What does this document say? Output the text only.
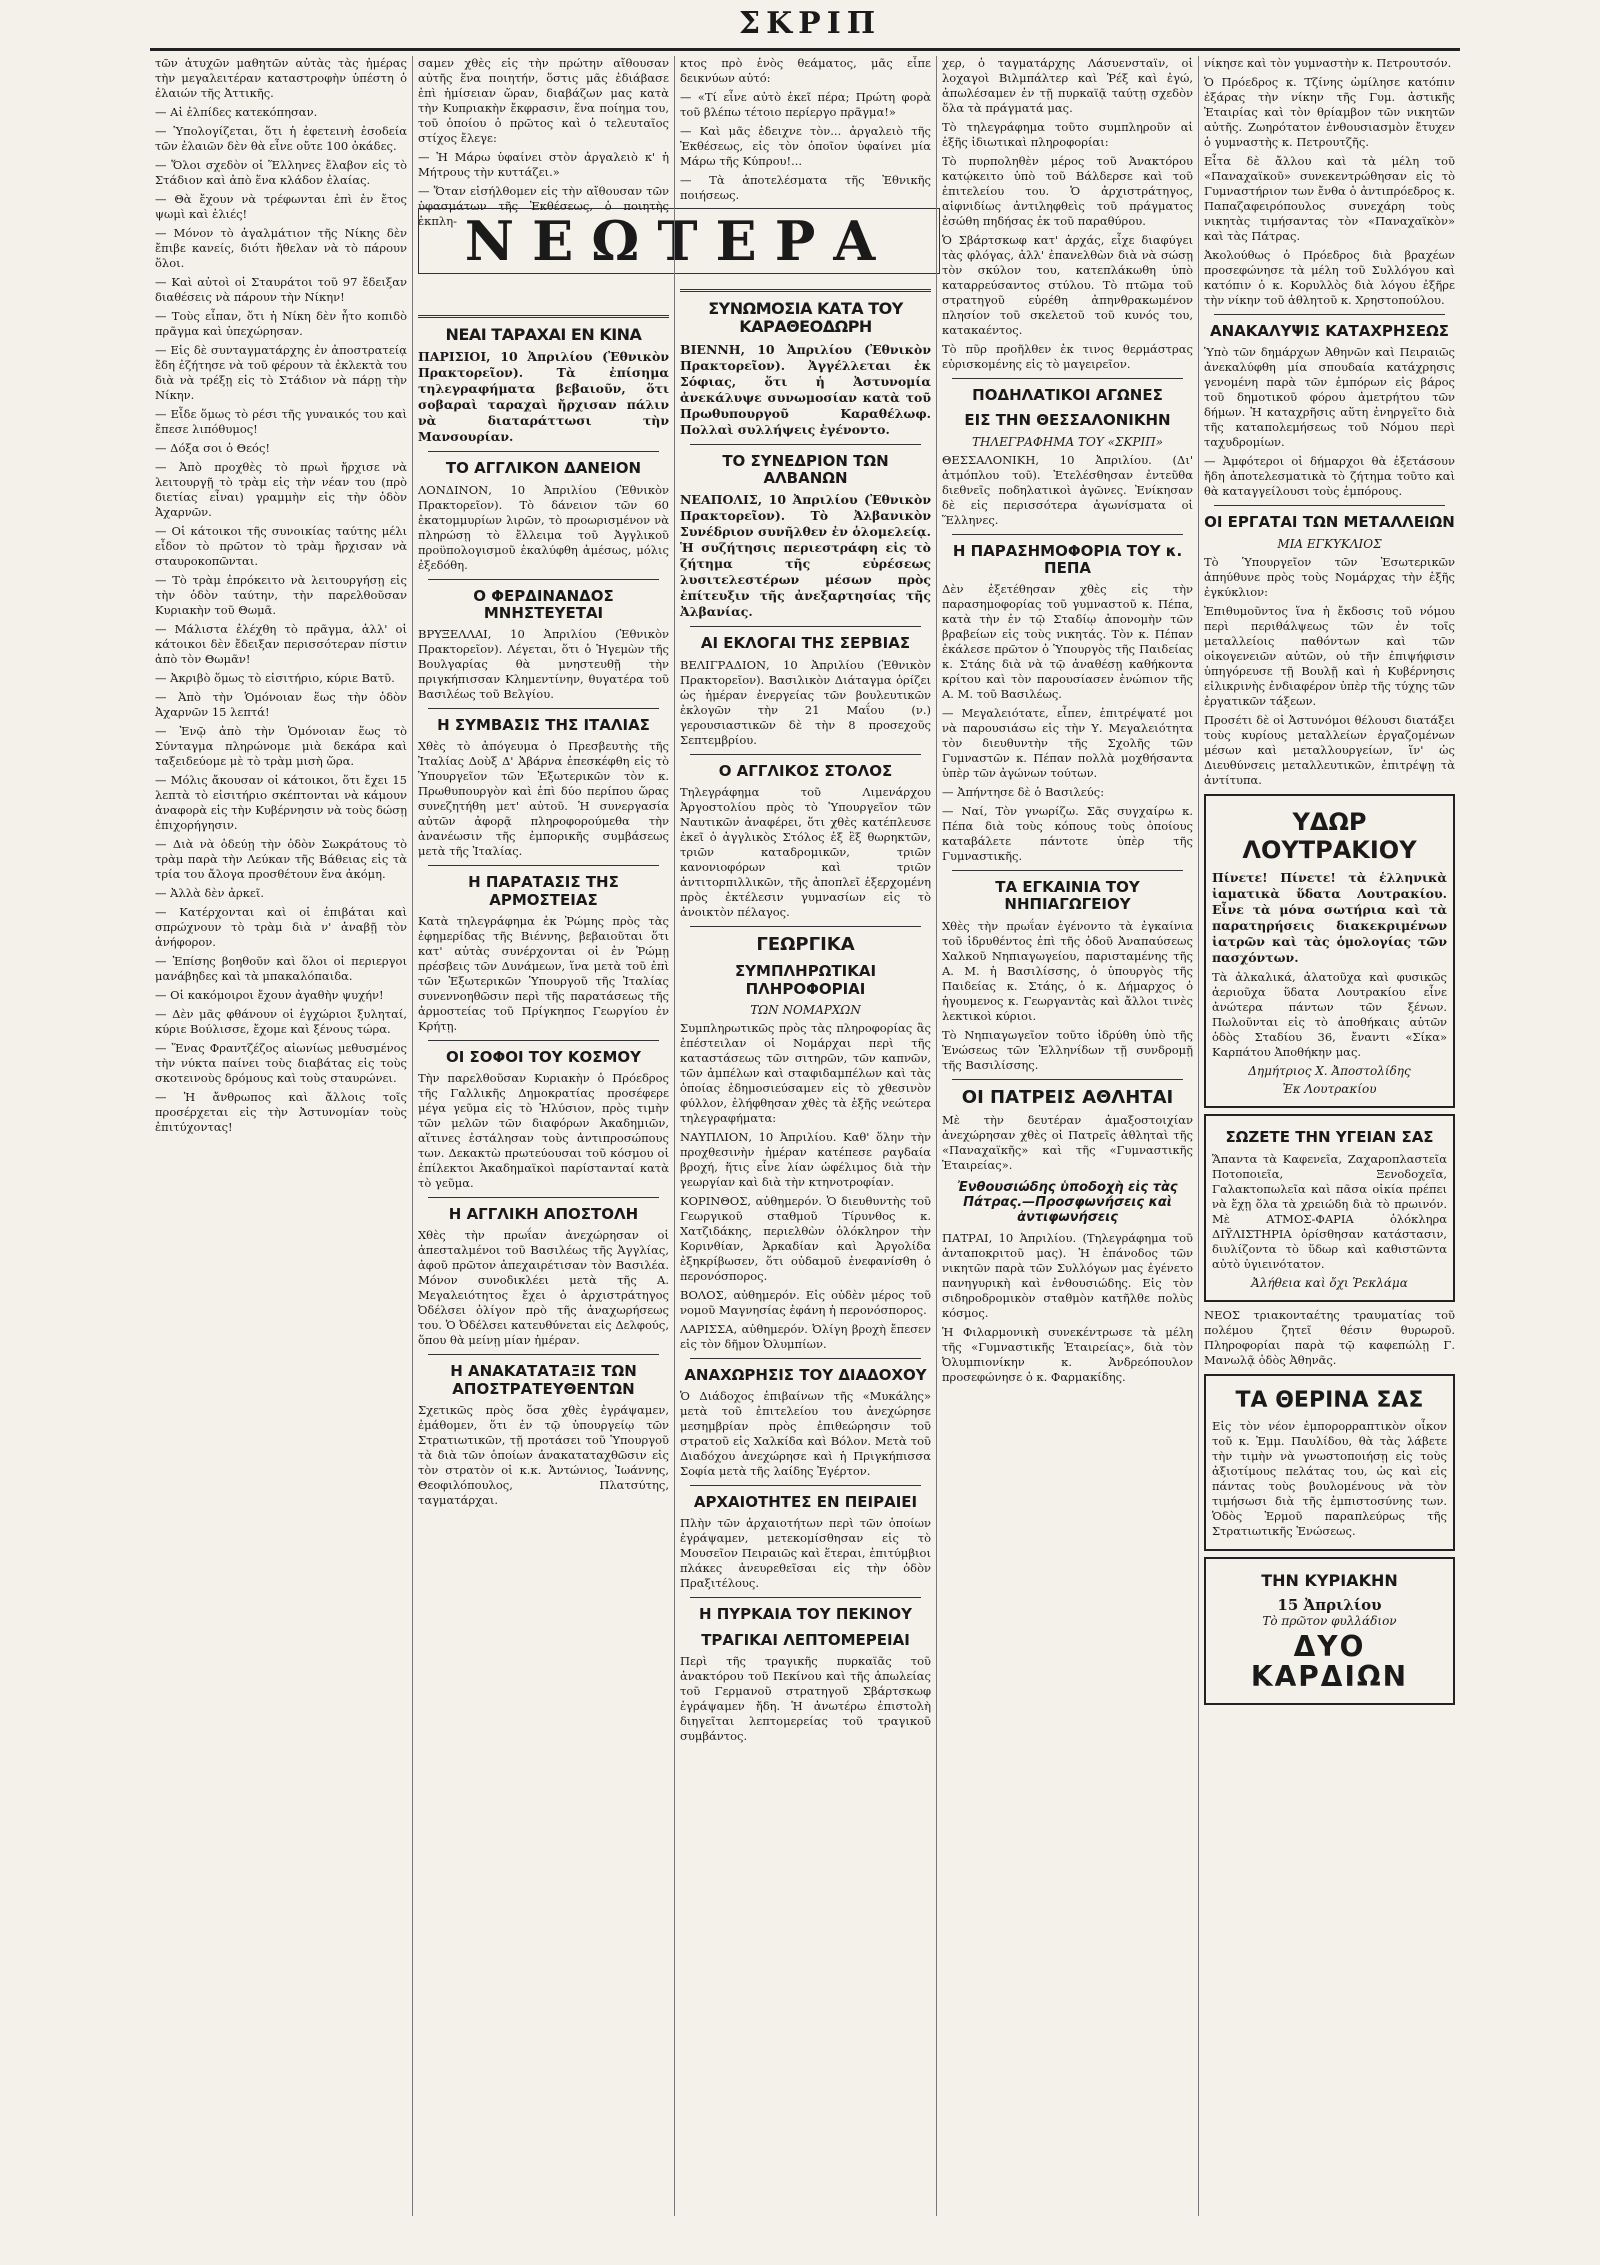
ΣΚΡΙΠ
ΝΕΩΤΕΡΑ

τῶν ἀτυχῶν μαθητῶν αὐτὰς τὰς ἡμέρας τὴν μεγαλειτέραν καταστροφὴν ὑπέστη ὁ ἐλαιών τῆς Ἀττικῆς.

— Αἱ ἐλπίδες κατεκόπησαν.

— Ὑπολογίζεται, ὅτι ἡ ἐφετεινὴ ἐσοδεία τῶν ἐλαιῶν δὲν θὰ εἶνε οὔτε 100 ὀκάδες.

— Ὅλοι σχεδὸν οἱ Ἕλληνες ἔλαβον εἰς τὸ Στάδιον καὶ ἀπὸ ἕνα κλάδον ἐλαίας.

— Θὰ ἔχουν νὰ τρέφωνται ἐπὶ ἐν ἔτος ψωμὶ καὶ ἐλιές!

— Μόνον τὸ ἀγαλμάτιον τῆς Νίκης δὲν ἔπιβε κανείς, διότι ἤθελαν νὰ τὸ πάρουν ὅλοι.

— Καὶ αὐτοὶ οἱ Σταυράτοι τοῦ 97 ἔδειξαν διαθέσεις νὰ πάρουν τὴν Νίκην!

— Τοὺς εἶπαν, ὅτι ἡ Νίκη δὲν ἦτο κοπιδὸ πρᾶγμα καὶ ὑπεχώρησαν.

— Εἰς δὲ συνταγματάρχης ἐν ἀποστρατείᾳ ἔδη ἐζήτησε νὰ τοῦ φέρουν τὰ ἐκλεκτὰ του διὰ νὰ τρέξῃ εἰς τὸ Στάδιον νὰ πάρῃ τὴν Νίκην.

— Εἶδε ὅμως τὸ ρέσι τῆς γυναικός του καὶ ἔπεσε λιπόθυμος!

— Δόξα σοι ὁ Θεός!

— Ἀπὸ προχθὲς τὸ πρωὶ ἤρχισε νὰ λειτουργῇ τὸ τρὰμ εἰς τὴν νέαν του (πρὸ διετίας εἶναι) γραμμὴν εἰς τὴν ὁδὸν Ἀχαρνῶν.

— Οἱ κάτοικοι τῆς συνοικίας ταύτης μέλι εἶδον τὸ πρῶτον τὸ τρὰμ ἤρχισαν νὰ σταυροκοπῶνται.

— Τὸ τρὰμ ἐπρόκειτο νὰ λειτουργήσῃ εἰς τὴν ὁδὸν ταύτην, τὴν παρελθοῦσαν Κυριακὴν τοῦ Θωμᾶ.

— Μάλιστα ἐλέχθη τὸ πρᾶγμα, ἀλλ' οἱ κάτοικοι δὲν ἔδειξαν περισσότεραν πίστιν ἀπὸ τὸν Θωμᾶν!

— Ἀκριβὸ ὅμως τὸ εἰσιτήριο, κύριε Βατῦ.

— Ἀπὸ τὴν Ὁμόνοιαν ἕως τὴν ὁδὸν Ἀχαρνῶν 15 λεπτά!

— Ἐνῷ ἀπὸ τὴν Ὁμόνοιαν ἕως τὸ Σύνταγμα πληρώνομε μιὰ δεκάρα καὶ ταξειδεύομε μὲ τὸ τρὰμ μισὴ ὥρα.

— Μόλις ἄκουσαν οἱ κάτοικοι, ὅτι ἔχει 15 λεπτὰ τὸ εἰσιτήριο σκέπτονται νὰ κάμουν ἀναφορὰ εἰς τὴν Κυβέρνησιν νὰ τοὺς δώσῃ ἐπιχορήγησιν.

— Διὰ νὰ ὁδεύῃ τὴν ὁδὸν Σωκράτους τὸ τρὰμ παρὰ τὴν Λεύκαν τῆς Βάθειας εἰς τὰ τρία του ἄλογα προσθέτουν ἕνα ἀκόμη.

— Ἀλλὰ δὲν ἀρκεῖ.

— Κατέρχονται καὶ οἱ ἐπιβάται καὶ σπρώχνουν τὸ τρὰμ διὰ ν' ἀναβῇ τὸν ἀνήφορον.

— Ἐπίσης βοηθοῦν καὶ ὅλοι οἱ περιεργοι μανάβηδες καὶ τὰ μπακαλόπαιδα.

— Οἱ κακόμοιροι ἔχουν ἀγαθὴν ψυχήν!

— Δὲν μᾶς φθάνουν οἱ ἐγχώριοι ξυληταί, κύριε Βούλισσε, ἔχομε καὶ ξένους τώρα.

— Ἕνας Φραντζέζος αἰωνίως μεθυσμένος τὴν νύκτα παίνει τοὺς διαβάτας εἰς τοὺς σκοτεινοὺς δρόμους καὶ τοὺς σταυρώνει.

— Ἡ ἄνθρωπος καὶ ἄλλοις τοῖς προσέρχεται εἰς τὴν Ἀστυνομίαν τοὺς ἐπιτύχοντας!

σαμεν χθὲς εἰς τὴν πρώτην αἴθουσαν αὐτῆς ἕνα ποιητήν, ὅστις μᾶς ἐδιάβασε ἐπὶ ἡμίσειαν ὥραν, διαβάζων μας κατὰ τὴν Κυπριακὴν ἔκφρασιν, ἕνα ποίημα του, τοῦ ὁποίου ὁ πρῶτος καὶ ὁ τελευταῖος στίχος ἔλεγε:

— Ἡ Μάρω ὑφαίνει στὸν ἀργαλειὸ κ' ἡ Μήτρους τὴν κυττάζει.»

— Ὅταν εἰσήλθομεν εἰς τὴν αἴθουσαν τῶν ὑφασμάτων τῆς Ἐκθέσεως, ὁ ποιητὴς ἐκπλη-

ΝΕΑΙ ΤΑΡΑΧΑΙ ΕΝ ΚΙΝΑ

ΠΑΡΙΣΙΟΙ, 10 Ἀπριλίου (Ἐθνικὸν Πρακτορεῖον). Τὰ ἐπίσημα τηλεγραφήματα βεβαιοῦν, ὅτι σοβαραὶ ταραχαὶ ἤρχισαν πάλιν νὰ διαταράττωσι τὴν Μανσουρίαν.

ΤΟ ΑΓΓΛΙΚΟΝ ΔΑΝΕΙΟΝ

ΛΟΝΔΙΝΟΝ, 10 Ἀπριλίου (Ἐθνικὸν Πρακτορεῖον). Τὸ δάνειον τῶν 60 ἑκατομμυρίων λιρῶν, τὸ προωρισμένον νὰ πληρώσῃ τὸ ἔλλειμα τοῦ Ἀγγλικοῦ προϋπολογισμοῦ ἐκαλύφθη ἀμέσως, μόλις ἐξεδόθη.

Ο ΦΕΡΔΙΝΑΝΔΟΣ ΜΝΗΣΤΕΥΕΤΑΙ

ΒΡΥΞΕΛΛΑΙ, 10 Ἀπριλίου (Ἐθνικὸν Πρακτορεῖον). Λέγεται, ὅτι ὁ Ἡγεμὼν τῆς Βουλγαρίας θὰ μνηστευθῇ τὴν πριγκήπισσαν Κλημεντίνην, θυγατέρα τοῦ Βασιλέως τοῦ Βελγίου.

Η ΣΥΜΒΑΣΙΣ ΤΗΣ ΙΤΑΛΙΑΣ

Χθὲς τὸ ἀπόγευμα ὁ Πρεσβευτὴς τῆς Ἰταλίας Δοὺξ Δ' Ἀβάρνα ἐπεσκέφθη εἰς τὸ Ὑπουργεῖον τῶν Ἐξωτερικῶν τὸν κ. Πρωθυπουργὸν καὶ ἐπὶ δύο περίπου ὥρας συνεζητήθη μετ' αὐτοῦ. Ἡ συνεργασία αὐτῶν ἀφορᾷ πληροφορούμεθα τὴν ἀνανέωσιν τῆς ἐμπορικῆς συμβάσεως μετὰ τῆς Ἰταλίας.

Η ΠΑΡΑΤΑΣΙΣ ΤΗΣ ΑΡΜΟΣΤΕΙΑΣ

Κατὰ τηλεγράφημα ἐκ Ῥώμης πρὸς τὰς ἐφημερίδας τῆς Βιέννης, βεβαιοῦται ὅτι κατ' αὐτὰς συνέρχονται οἱ ἐν Ῥώμῃ πρέσβεις τῶν Δυνάμεων, ἵνα μετὰ τοῦ ἐπὶ τῶν Ἐξωτερικῶν Ὑπουργοῦ τῆς Ἰταλίας συνεννοηθῶσιν περὶ τῆς παρατάσεως τῆς ἁρμοστείας τοῦ Πρίγκηπος Γεωργίου ἐν Κρήτῃ.

ΟΙ ΣΟΦΟΙ ΤΟΥ ΚΟΣΜΟΥ

Τὴν παρελθοῦσαν Κυριακὴν ὁ Πρόεδρος τῆς Γαλλικῆς Δημοκρατίας προσέφερε μέγα γεῦμα εἰς τὸ Ἡλύσιον, πρὸς τιμὴν τῶν μελῶν τῶν διαφόρων Ἀκαδημιῶν, αἵτινες ἐστάλησαν τοὺς ἀντιπροσώπους των. Δεκακτὼ πρωτεύουσαι τοῦ κόσμου οἱ ἐπίλεκτοι Ἀκαδημαϊκοὶ παρίστανταί κατὰ τὸ γεῦμα.

Η ΑΓΓΛΙΚΗ ΑΠΟΣΤΟΛΗ

Χθὲς τὴν πρωΐαν ἀνεχώρησαν οἱ ἀπεσταλμένοι τοῦ Βασιλέως τῆς Ἀγγλίας, ἀφοῦ πρῶτον ἀπεχαιρέτισαν τὸν Βασιλέα. Μόνον συνοδικλέει μετὰ τῆς Α. Μεγαλειότητος ἔχει ὁ ἀρχιστράτηγος Ὀδέλσει ὀλίγον πρὸ τῆς ἀναχωρήσεως του. Ὁ Ὀδέλσει κατευθύνεται εἰς Δελφούς, ὅπου θὰ μείνῃ μίαν ἡμέραν.

Η ΑΝΑΚΑΤΑΤΑΞΙΣ ΤΩΝ ΑΠΟΣΤΡΑΤΕΥΘΕΝΤΩΝ

Σχετικῶς πρὸς ὅσα χθὲς ἐγράψαμεν, ἐμάθομεν, ὅτι ἐν τῷ ὑπουργείῳ τῶν Στρατιωτικῶν, τῇ προτάσει τοῦ Ὑπουργοῦ τὰ διὰ τῶν ὁποίων ἀνακαταταχθῶσιν εἰς τὸν στρατὸν οἱ κ.κ. Ἀντώνιος, Ἰωάννης, Θεοφιλόπουλος, Πλατσύτης, ταγματάρχαι.

κτος πρὸ ἑνὸς θεάματος, μᾶς εἶπε δεικνύων αὐτό:

— «Τί εἶνε αὐτὸ ἐκεῖ πέρα; Πρώτη φορὰ τοῦ βλέπω τέτοιο περίεργο πρᾶγμα!»

— Καὶ μᾶς ἐδειχνε τὸν... ἀργαλειὸ τῆς Ἐκθέσεως, εἰς τὸν ὁποῖον ὑφαίνει μία Μάρω τῆς Κύπρου!...

— Τὰ ἀποτελέσματα τῆς Ἐθνικῆς ποιήσεως.

ΣΥΝΩΜΟΣΙΑ ΚΑΤΑ ΤΟΥ ΚΑΡΑΘΕΟΔΩΡΗ

ΒΙΕΝΝΗ, 10 Ἀπριλίου (Ἐθνικὸν Πρακτορεῖον). Ἀγγέλλεται ἐκ Σόφιας, ὅτι ἡ Ἀστυνομία ἀνεκάλυψε συνωμοσίαν κατὰ τοῦ Πρωθυπουργοῦ Καραθέλωφ. Πολλαὶ συλλήψεις ἐγένοντο.

ΤΟ ΣΥΝΕΔΡΙΟΝ ΤΩΝ ΑΛΒΑΝΩΝ

ΝΕΑΠΟΛΙΣ, 10 Ἀπριλίου (Ἐθνικὸν Πρακτορεῖον). Τὸ Ἀλβανικὸν Συνέδριον συνῆλθεν ἐν ὁλομελείᾳ. Ἡ συζήτησις περιεστράφη εἰς τὸ ζήτημα τῆς εὑρέσεως λυσιτελεστέρων μέσων πρὸς ἐπίτευξιν τῆς ἀνεξαρτησίας τῆς Ἀλβανίας.

ΑΙ ΕΚΛΟΓΑΙ ΤΗΣ ΣΕΡΒΙΑΣ

ΒΕΛΙΓΡΑΔΙΟΝ, 10 Ἀπριλίου (Ἐθνικὸν Πρακτορεῖον). Βασιλικὸν Διάταγμα ὁρίζει ὡς ἡμέραν ἐνεργείας τῶν βουλευτικῶν ἐκλογῶν τὴν 21 Μαΐου (ν.) γερουσιαστικῶν δὲ τὴν 8 προσεχοῦς Σεπτεμβρίου.

Ο ΑΓΓΛΙΚΟΣ ΣΤΟΛΟΣ

Τηλεγράφημα τοῦ Λιμενάρχου Ἀργοστολίου πρὸς τὸ Ὑπουργεῖον τῶν Ναυτικῶν ἀναφέρει, ὅτι χθὲς κατέπλευσε ἐκεῖ ὁ ἀγγλικὸς Στόλος ἐξ ἓξ θωρηκτῶν, τριῶν καταδρομικῶν, τριῶν κανονιοφόρων καὶ τριῶν ἀντιτορπιλλικῶν, τῆς ἀποπλεῖ ἐξερχομένη πρὸς ἐκτέλεσιν γυμνασίων εἰς τὸ ἀνοικτὸν πέλαγος.

ΓΕΩΡΓΙΚΑ
ΣΥΜΠΛΗΡΩΤΙΚΑΙ ΠΛΗΡΟΦΟΡΙΑΙ
ΤΩΝ ΝΟΜΑΡΧΩΝ

Συμπληρωτικῶς πρὸς τὰς πληροφορίας ἃς ἐπέστειλαν οἱ Νομάρχαι περὶ τῆς καταστάσεως τῶν σιτηρῶν, τῶν καπνῶν, τῶν ἀμπέλων καὶ σταφιδαμπέλων καὶ τὰς ὁποίας ἐδημοσιεύσαμεν εἰς τὸ χθεσινὸν φύλλον, ἐλήφθησαν χθὲς τὰ ἑξῆς νεώτερα τηλεγραφήματα:

ΝΑΥΠΛΙΟΝ, 10 Ἀπριλίου. Καθ' ὅλην τὴν προχθεσινὴν ἡμέραν κατέπεσε ραγδαία βροχή, ἥτις εἶνε λίαν ὠφέλιμος διὰ τὴν γεωργίαν καὶ διὰ τὴν κτηνοτροφίαν.

ΚΟΡΙΝΘΟΣ, αὐθημερόν. Ὁ διευθυντὴς τοῦ Γεωργικοῦ σταθμοῦ Τίρυνθος κ. Χατζιδάκης, περιελθὼν ὁλόκληρον τὴν Κορινθίαν, Ἀρκαδίαν καὶ Ἀργολίδα ἐξηκρίβωσεν, ὅτι οὐδαμοῦ ἐνεφανίσθη ὁ περονόσπορος.

ΒΟΛΟΣ, αὐθημερόν. Εἰς οὐδὲν μέρος τοῦ νομοῦ Μαγνησίας ἐφάνη ἡ περονόσπορος.

ΛΑΡΙΣΣΑ, αὐθημερόν. Ὀλίγη βροχὴ ἔπεσεν εἰς τὸν δῆμον Ὀλυμπίων.

ΑΝΑΧΩΡΗΣΙΣ ΤΟΥ ΔΙΑΔΟΧΟΥ

Ὁ Διάδοχος ἐπιβαίνων τῆς «Μυκάλης» μετὰ τοῦ ἐπιτελείου του ἀνεχώρησε μεσημβρίαν πρὸς ἐπιθεώρησιν τοῦ στρατοῦ εἰς Χαλκίδα καὶ Βόλον. Μετὰ τοῦ Διαδόχου ἀνεχώρησε καὶ ἡ Πριγκήπισσα Σοφία μετὰ τῆς λαίδης Ἐγέρτον.

ΑΡΧΑΙΟΤΗΤΕΣ ΕΝ ΠΕΙΡΑΙΕΙ

Πλὴν τῶν ἀρχαιοτήτων περὶ τῶν ὁποίων ἐγράψαμεν, μετεκομίσθησαν εἰς τὸ Μουσεῖον Πειραιῶς καὶ ἕτεραι, ἐπιτύμβιοι πλάκες ἀνευρεθεῖσαι εἰς τὴν ὁδὸν Πραξιτέλους.

Η ΠΥΡΚΑΙΑ ΤΟΥ ΠΕΚΙΝΟΥ
ΤΡΑΓΙΚΑΙ ΛΕΠΤΟΜΕΡΕΙΑΙ

Περὶ τῆς τραγικῆς πυρκαϊᾶς τοῦ ἀνακτόρου τοῦ Πεκίνου καὶ τῆς ἀπωλείας τοῦ Γερμανοῦ στρατηγοῦ Σβάρτσκωφ ἐγράψαμεν ἤδη. Ἡ ἀνωτέρω ἐπιστολὴ διηγεῖται λεπτομερείας τοῦ τραγικοῦ συμβάντος.

χερ, ὁ ταγματάρχης Λάσυενσταϊν, οἱ λοχαγοὶ Βιλμπάλτερ καὶ Ῥέξ καὶ ἐγώ, ἀπωλέσαμεν ἐν τῇ πυρκαϊᾷ ταύτῃ σχεδὸν ὅλα τὰ πράγματά μας.

Τὸ τηλεγράφημα τοῦτο συμπληροῦν αἱ ἑξῆς ἰδιωτικαὶ πληροφορίαι:

Τὸ πυρποληθὲν μέρος τοῦ Ἀνακτόρου κατῴκειτο ὑπὸ τοῦ Βάλδερσε καὶ τοῦ ἐπιτελείου του. Ὁ ἀρχιστράτηγος, αἰφνιδίως ἀντιληφθεὶς τοῦ πράγματος ἐσώθη πηδήσας ἐκ τοῦ παραθύρου.

Ὁ Σβάρτσκωφ κατ' ἀρχάς, εἶχε διαφύγει τὰς φλόγας, ἀλλ' ἐπανελθὼν διὰ νὰ σώσῃ τὸν σκύλον του, κατεπλάκωθη ὑπὸ καταρρεύσαντος στύλου. Τὸ πτῶμα τοῦ στρατηγοῦ εὑρέθη ἀπηνθρακωμένον πλησίον τοῦ σκελετοῦ τοῦ κυνός του, κατακαέντος.

Τὸ πῦρ προῆλθεν ἐκ τινος θερμάστρας εὑρισκομένης εἰς τὸ μαγειρεῖον.

ΠΟΔΗΛΑΤΙΚΟΙ ΑΓΩΝΕΣ
ΕΙΣ ΤΗΝ ΘΕΣΣΑΛΟΝΙΚΗΝ
ΤΗΛΕΓΡΑΦΗΜΑ ΤΟΥ «ΣΚΡΙΠ»

ΘΕΣΣΑΛΟΝΙΚΗ, 10 Ἀπριλίου. (Δι' ἀτμόπλου τοῦ). Ἐτελέσθησαν ἐντεῦθα διεθνεῖς ποδηλατικοὶ ἀγῶνες. Ἐνίκησαν δὲ εἰς περισσότερα ἀγωνίσματα οἱ Ἕλληνες.

Η ΠΑΡΑΣΗΜΟΦΟΡΙΑ ΤΟΥ κ. ΠΕΠΑ

Δὲν ἐξετέθησαν χθὲς εἰς τὴν παρασημοφορίας τοῦ γυμναστοῦ κ. Πέπα, κατὰ τὴν ἐν τῷ Σταδίῳ ἀπονομὴν τῶν βραβείων εἰς τοὺς νικητάς. Τὸν κ. Πέπαν ἐκάλεσε πρῶτον ὁ Ὑπουργὸς τῆς Παιδείας κ. Στάης διὰ νὰ τῷ ἀναθέσῃ καθήκοντα κρίτου καὶ τὸν παρουσίασεν ἐνώπιον τῆς Α. Μ. τοῦ Βασιλέως.

— Μεγαλειότατε, εἶπεν, ἐπιτρέψατέ μοι νὰ παρουσιάσω εἰς τὴν Υ. Μεγαλειότητα τὸν διευθυντὴν τῆς Σχολῆς τῶν Γυμναστῶν κ. Πέπαν πολλὰ μοχθήσαντα ὑπὲρ τῶν ἀγώνων τούτων.

— Ἀπήντησε δὲ ὁ Βασιλεύς:

— Ναί, Τὸν γνωρίζω. Σᾶς συγχαίρω κ. Πέπα διὰ τοὺς κόπους τοὺς ὁποίους καταβάλετε πάντοτε ὑπὲρ τῆς Γυμναστικῆς.

ΤΑ ΕΓΚΑΙΝΙΑ ΤΟΥ ΝΗΠΙΑΓΩΓΕΙΟΥ

Χθὲς τὴν πρωΐαν ἐγένοντο τὰ ἐγκαίνια τοῦ ἱδρυθέντος ἐπὶ τῆς ὁδοῦ Ἀναπαύσεως Χαλκοῦ Νηπιαγωγείου, παρισταμένης τῆς Α. Μ. ἡ Βασιλίσσης, ὁ ὑπουργὸς τῆς Παιδείας κ. Στάης, ὁ κ. Δήμαρχος ὁ ἡγουμενος κ. Γεωργαντὰς καὶ ἄλλοι τινὲς λεκτικοὶ κύριοι.

Τὸ Νηπιαγωγεῖον τοῦτο ἱδρύθη ὑπὸ τῆς Ἑνώσεως τῶν Ἑλληνίδων τῇ συνδρομῇ τῆς Βασιλίσσης.

ΟΙ ΠΑΤΡΕΙΣ ΑΘΛΗΤΑΙ

Μὲ τὴν δευτέραν ἀμαξοστοιχίαν ἀνεχώρησαν χθὲς οἱ Πατρεῖς ἀθληταὶ τῆς «Παναχαϊκῆς» καὶ τῆς «Γυμναστικῆς Ἑταιρείας».

Ἐνθουσιώδης ὑποδοχὴ εἰς τὰς Πάτρας.—Προσφωνήσεις καὶ ἀντιφωνήσεις

ΠΑΤΡΑΙ, 10 Ἀπριλίου. (Τηλεγράφημα τοῦ ἀνταποκριτοῦ μας). Ἡ ἐπάνοδος τῶν νικητῶν παρὰ τῶν Συλλόγων μας ἐγένετο πανηγυρικὴ καὶ ἐνθουσιώδης. Εἰς τὸν σιδηροδρομικὸν σταθμὸν κατῆλθε πολὺς κόσμος.

Ἡ Φιλαρμονικὴ συνεκέντρωσε τὰ μέλη τῆς «Γυμναστικῆς Ἑταιρείας», διὰ τὸν Ὀλυμπιονίκην κ. Ἀνδρεόπουλον προσεφώνησε ὁ κ. Φαρμακίδης.

νίκησε καὶ τὸν γυμναστὴν κ. Πετρουτσόν.

Ὁ Πρόεδρος κ. Τζίνης ὡμίλησε κατόπιν ἐξάρας τὴν νίκην τῆς Γυμ. ἀστικῆς Ἑταιρίας καὶ τὸν θρίαμβον τῶν νικητῶν αὐτῆς. Ζωηρότατον ἐνθουσιασμὸν ἔτυχεν ὁ γυμναστὴς κ. Πετρουτζῆς.

Εἶτα δὲ ἄλλου καὶ τὰ μέλη τοῦ «Παναχαϊκοῦ» συνεκεντρώθησαν εἰς τὸ Γυμναστήριον των ἔνθα ὁ ἀντιπρόεδρος κ. Παπαζαφειρόπουλος συνεχάρη τοὺς νικητὰς τιμήσαντας τὸν «Παναχαϊκὸν» καὶ τὰς Πάτρας.

Ἀκολούθως ὁ Πρόεδρος διὰ βραχέων προσεφώνησε τὰ μέλη τοῦ Συλλόγου καὶ κατόπιν ὁ κ. Κορυλλὸς διὰ λόγου ἐξῆρε τὴν νίκην τοῦ ἀθλητοῦ κ. Χρηστοπούλου.

ΑΝΑΚΑΛΥΨΙΣ ΚΑΤΑΧΡΗΣΕΩΣ

Ὑπὸ τῶν δημάρχων Ἀθηνῶν καὶ Πειραιῶς ἀνεκαλύφθη μία σπουδαία κατάχρησις γενομένη παρὰ τῶν ἐμπόρων εἰς βάρος τοῦ δημοτικοῦ φόρου ἀμετρήτου τῶν δήμων. Ἡ καταχρῆσις αὕτη ἐνηργεῖτο διὰ τῆς καταπολεμήσεως τοῦ Νόμου περὶ ταχυδρομίων.

— Ἀμφότεροι οἱ δήμαρχοι θὰ ἐξετάσουν ἤδη ἀποτελεσματικὰ τὸ ζήτημα τοῦτο καὶ θὰ καταγγείλουσι τοὺς ἐμπόρους.

ΟΙ ΕΡΓΑΤΑΙ ΤΩΝ ΜΕΤΑΛΛΕΙΩΝ
ΜΙΑ ΕΓΚΥΚΛΙΟΣ

Τὸ Ὑπουργεῖον τῶν Ἐσωτερικῶν ἀπηύθυνε πρὸς τοὺς Νομάρχας τὴν ἑξῆς ἐγκύκλιον:

Ἐπιθυμοῦντος ἵνα ἡ ἔκδοσις τοῦ νόμου περὶ περιθάλψεως τῶν ἐν τοῖς μεταλλείοις παθόντων καὶ τῶν οἰκογενειῶν αὐτῶν, οὐ τῆν ἐπιψήφισιν ὑπηγόρευσε τῇ Βουλῇ καὶ ἡ Κυβέρνησις εἰλικρινὴς ἐνδιαφέρον ὑπὲρ τῆς τύχης τῶν ἐργατικῶν τάξεων.

Προσέτι δὲ οἱ Ἀστυνόμοι θέλουσι διατάξει τοὺς κυρίους μεταλλείων ἐργαζομένων μέσων καὶ μεταλλουργείων, ἵν' ὡς Διευθύνσεις μεταλλευτικῶν, ἐπιτρέψῃ τὰ ἀντίτυπα.

ΥΔΩΡ ΛΟΥΤΡΑΚΙΟΥ

Πίνετε! Πίνετε! τὰ ἑλληνικὰ ἰαματικὰ ὕδατα Λουτρακίου. Εἶνε τὰ μόνα σωτήρια καὶ τὰ παρατηρήσεις διακεκριμένων ἰατρῶν καὶ τὰς ὁμολογίας τῶν πασχόντων.

Τὰ ἀλκαλικά, ἀλατοῦχα καὶ φυσικῶς ἀεριοῦχα ὕδατα Λουτρακίου εἶνε ἀνώτερα πάντων τῶν ξένων. Πωλοῦνται εἰς τὸ ἀποθήκαις αὐτῶν ὁδὸς Σταδίου 36, ἔναντι «Σίκα» Καρπάτου Ἀποθήκην μας.

Δημήτριος Χ. Ἀποστολίδης
Ἐκ Λουτρακίου
ΣΩΖΕΤΕ ΤΗΝ ΥΓΕΙΑΝ ΣΑΣ

Ἅπαντα τὰ Καφενεῖα, Ζαχαροπλαστεῖα Ποτοποιεῖα, Ξενοδοχεῖα, Γαλακτοπωλεῖα καὶ πᾶσα οἰκία πρέπει νὰ ἔχῃ ὅλα τὰ χρειώδη διὰ τὸ πρωινόν. Μὲ ΑΤΜΟΣ-ΦΑΡΙΑ ὁλόκληρα ΔΙΫΛΙΣΤΗΡΙΑ ὁρίσθησαν κατάστασιν, διυλίζοντα τὸ ὕδωρ καὶ καθιστῶντα αὐτὸ ὑγιεινότατον.

Ἀλήθεια καὶ ὄχι Ῥεκλάμα

ΝΕΟΣ τριακονταέτης τραυματίας τοῦ πολέμου ζητεῖ θέσιν θυρωροῦ. Πληροφορίαι παρὰ τῷ καφεπώλῃ Γ. Μανωλᾷ ὁδὸς Ἀθηνᾶς.

ΤΑ ΘΕΡΙΝΑ ΣΑΣ

Εἰς τὸν νέον ἐμπορορραπτικὸν οἶκον τοῦ κ. Ἐμμ. Παυλίδου, θὰ τὰς λάβετε τὴν τιμὴν νὰ γνωστοποιήσῃ εἰς τοὺς ἀξιοτίμους πελάτας του, ὡς καὶ εἰς πάντας τοὺς βουλομένους νὰ τὸν τιμήσωσι διὰ τῆς ἐμπιστοσύνης των. Ὁδὸς Ἑρμοῦ παραπλεύρως τῆς Στρατιωτικῆς Ἑνώσεως.

ΤΗΝ ΚΥΡΙΑΚΗΝ
15 Ἀπριλίου
Τὸ πρῶτον φυλλάδιον
ΔΥΟ ΚΑΡΔΙΩΝ
